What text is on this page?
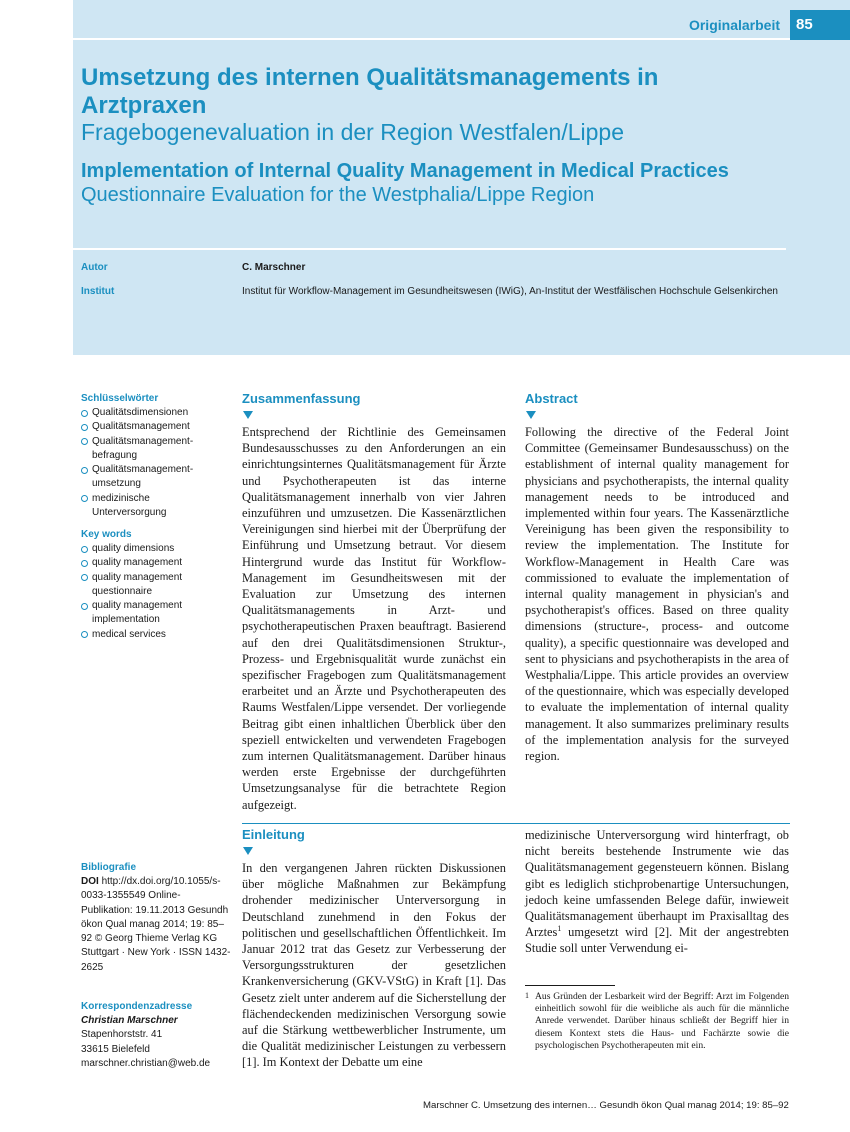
Originalarbeit 85
Umsetzung des internen Qualitätsmanagements in Arztpraxen
Fragebogenevaluation in der Region Westfalen/Lippe
Implementation of Internal Quality Management in Medical Practices
Questionnaire Evaluation for the Westphalia/Lippe Region
Autor	C. Marschner
Institut	Institut für Workflow-Management im Gesundheitswesen (IWiG), An-Institut der Westfälischen Hochschule Gelsenkirchen
Schlüsselwörter
Qualitätsdimensionen
Qualitätsmanagement
Qualitätsmanagement-befragung
Qualitätsmanagement-umsetzung
medizinische Unterversorgung
Key words
quality dimensions
quality management
quality management questionnaire
quality management implementation
medical services
Bibliografie
DOI http://dx.doi.org/10.1055/s-0033-1355549 Online-Publikation: 19.11.2013 Gesundh ökon Qual manag 2014; 19: 85–92 © Georg Thieme Verlag KG Stuttgart · New York · ISSN 1432-2625
Korrespondenzadresse
Christian Marschner
Stapenhorststr. 41
33615 Bielefeld
marschner.christian@web.de
Zusammenfassung
Entsprechend der Richtlinie des Gemeinsamen Bundesausschusses zu den Anforderungen an ein einrichtungsinternes Qualitätsmanagement für Ärzte und Psychotherapeuten ist das interne Qualitätsmanagement innerhalb von vier Jahren einzuführen und umzusetzen. Die Kassenärztlichen Vereinigungen sind hierbei mit der Überprüfung der Einführung und Umsetzung betraut. Vor diesem Hintergrund wurde das Institut für Workflow-Management im Gesundheitswesen mit der Evaluation zur Umsetzung des internen Qualitätsmanagements in Arzt- und psychotherapeutischen Praxen beauftragt. Basierend auf den drei Qualitätsdimensionen Struktur-, Prozess- und Ergebnisqualität wurde zunächst ein spezifischer Fragebogen zum Qualitätsmanagement erarbeitet und an Ärzte und Psychotherapeuten des Raums Westfalen/Lippe versendet. Der vorliegende Beitrag gibt einen inhaltlichen Überblick über den speziell entwickelten und verwendeten Fragebogen zum internen Qualitätsmanagement. Darüber hinaus werden erste Ergebnisse der durchgeführten Umsetzungsanalyse für die betrachtete Region aufgezeigt.
Abstract
Following the directive of the Federal Joint Committee (Gemeinsamer Bundesausschuss) on the establishment of internal quality management for physicians and psychotherapists, the internal quality management needs to be introduced and implemented within four years. The Kassenärztliche Vereinigung has been given the responsibility to review the implementation. The Institute for Workflow-Management in Health Care was commissioned to evaluate the implementation of internal quality management in physician's and psychotherapist's offices. Based on three quality dimensions (structure-, process- and outcome quality), a specific questionnaire was developed and sent to physicians and psychotherapists in the area of Westphalia/Lippe. This article provides an overview of the questionnaire, which was especially developed to evaluate the implementation of internal quality management. It also summarizes preliminary results of the implementation analysis for the surveyed region.
Einleitung
In den vergangenen Jahren rückten Diskussionen über mögliche Maßnahmen zur Bekämpfung drohender medizinischer Unterversorgung in Deutschland zunehmend in den Fokus der politischen und gesellschaftlichen Öffentlichkeit. Im Januar 2012 trat das Gesetz zur Verbesserung der Versorgungsstrukturen der gesetzlichen Krankenversicherung (GKV-VStG) in Kraft [1]. Das Gesetz zielt unter anderem auf die Sicherstellung der flächendeckenden medizinischen Versorgung sowie auf die Stärkung wettbewerblicher Instrumente, um die Qualität medizinischer Leistungen zu verbessern [1]. Im Kontext der Debatte um eine
medizinische Unterversorgung wird hinterfragt, ob nicht bereits bestehende Instrumente wie das Qualitätsmanagement gegensteuern können. Bislang gibt es lediglich stichprobenartige Untersuchungen, jedoch keine umfassenden Belege dafür, inwieweit Qualitätsmanagement überhaupt im Praxisalltag des Arztes$^1$ umgesetzt wird [2]. Mit der angestrebten Studie soll unter Verwendung ei-
1 Aus Gründen der Lesbarkeit wird der Begriff: Arzt im Folgenden einheitlich sowohl für die weibliche als auch für die männliche Anrede verwendet. Darüber hinaus schließt der Begriff hier in diesem Kontext stets die Haus- und Fachärzte sowie die psychologischen Psychotherapeuten mit ein.
Marschner C. Umsetzung des internen… Gesundh ökon Qual manag 2014; 19: 85–92
